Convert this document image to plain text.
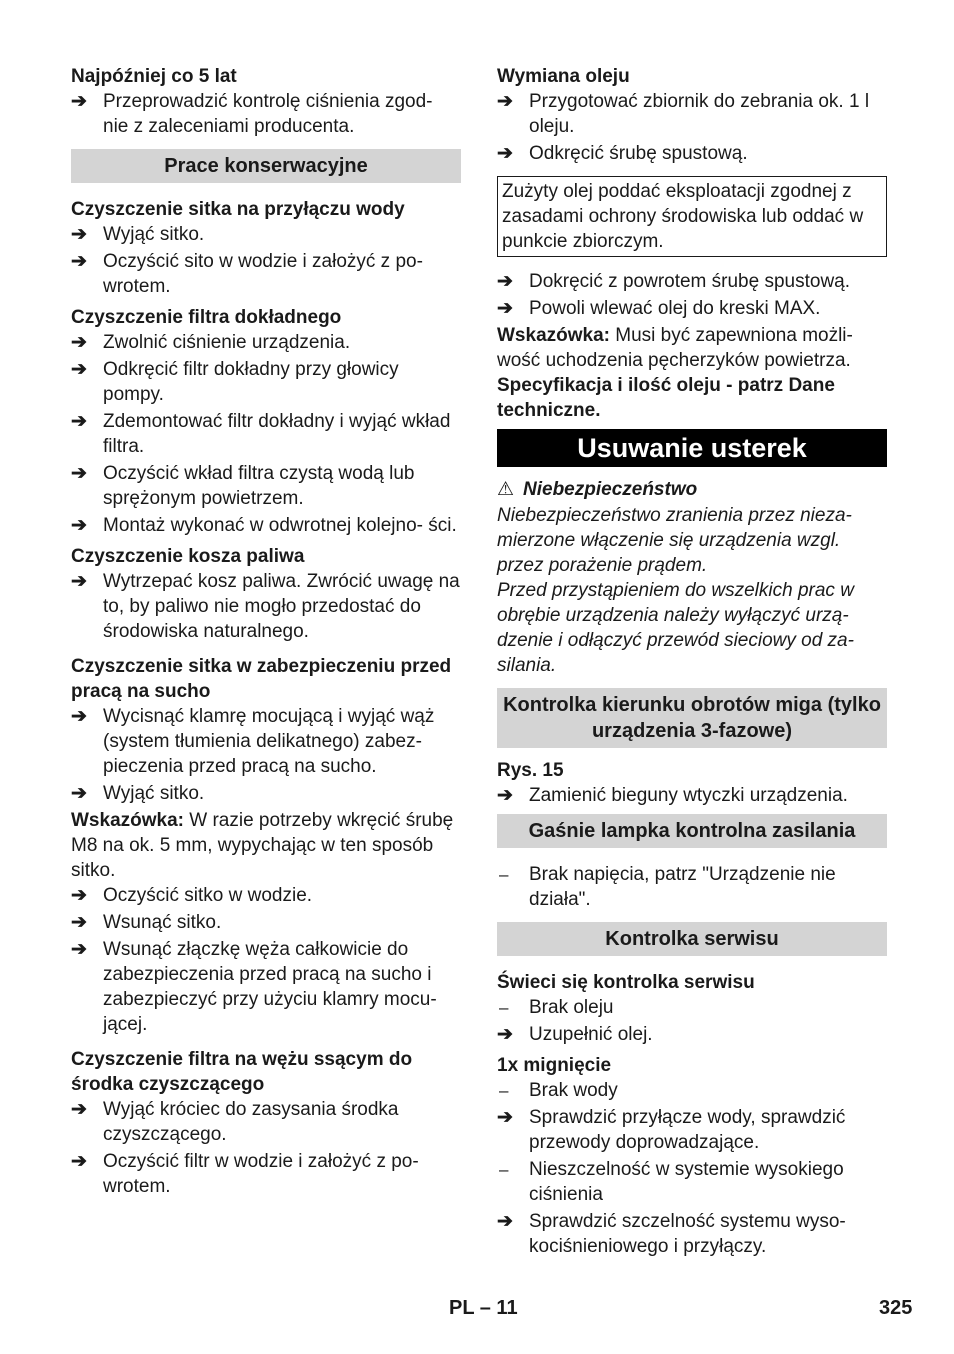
Najpóźniej co 5 lat

➔ Przeprowadzić kontrolę ciśnienia zgod- nie z zaleceniami producenta.
Prace konserwacyjne

Czyszczenie sitka na przyłączu wody

➔ Wyjąć sitko.
➔ Oczyścić sito w wodzie i założyć z po- wrotem.

Czyszczenie filtra dokładnego

➔ Zwolnić ciśnienie urządzenia.
➔ Odkręcić filtr dokładny przy głowicy pompy.
➔ Zdemontować filtr dokładny i wyjąć wkład filtra.
➔ Oczyścić wkład filtra czystą wodą lub sprężonym powietrzem.
➔ Montaż wykonać w odwrotnej kolejno- ści.

Czyszczenie kosza paliwa

➔ Wytrzepać kosz paliwa. Zwrócić uwagę na to, by paliwo nie mogło przedostać do środowiska naturalnego.

Czyszczenie sitka w zabezpieczeniu przed pracą na sucho

➔ Wycisnąć klamrę mocującą i wyjąć wąż (system tłumienia delikatnego) zabez- pieczenia przed pracą na sucho.
➔ Wyjąć sitko.

Wskazówka: W razie potrzeby wkręcić śrubę M8 na ok. 5 mm, wypychając w ten sposób sitko.

➔ Oczyścić sitko w wodzie.
➔ Wsunąć sitko.
➔ Wsunąć złączkę węża całkowicie do zabezpieczenia przed pracą na sucho i zabezpieczyć przy użyciu klamry mocu- jącej.

Czyszczenie filtra na wężu ssącym do środka czyszczącego

➔ Wyjąć króciec do zasysania środka czyszczącego.
➔ Oczyścić filtr w wodzie i założyć z po- wrotem.

Wymiana oleju

➔ Przygotować zbiornik do zebrania ok. 1 l oleju.
➔ Odkręcić śrubę spustową.
Zużyty olej poddać eksploatacji zgodnej z zasadami ochrony środowiska lub oddać w punkcie zbiorczym.
➔ Dokręcić z powrotem śrubę spustową.
➔ Powoli wlewać olej do kreski MAX.

Wskazówka: Musi być zapewniona możli- wość uchodzenia pęcherzyków powietrza.

Specyfikacja i ilość oleju - patrz Dane techniczne.

Usuwanie usterek

⚠ Niebezpieczeństwo

Niebezpieczeństwo zranienia przez nieza- mierzone włączenie się urządzenia wzgl. przez porażenie prądem.

Przed przystąpieniem do wszelkich prac w obrębie urządzenia należy wyłączyć urzą- dzenie i odłączyć przewód sieciowy od za- silania.

Kontrolka kierunku obrotów miga (tylko urządzenia 3-fazowe)

Rys. 15

➔ Zamienić bieguny wtyczki urządzenia.
Gaśnie lampka kontrolna zasilania
–	Brak napięcia, patrz "Urządzenie nie działa".
Kontrolka serwisu

Świeci się kontrolka serwisu

–	Brak oleju
➔ Uzupełnić olej.

1x mignięcie

–	Brak wody
➔ Sprawdzić przyłącze wody, sprawdzić przewody doprowadzające.
–	Nieszczelność w systemie wysokiego ciśnienia
➔ Sprawdzić szczelność systemu wyso- kociśnieniowego i przyłączy.
PL – 11	325
